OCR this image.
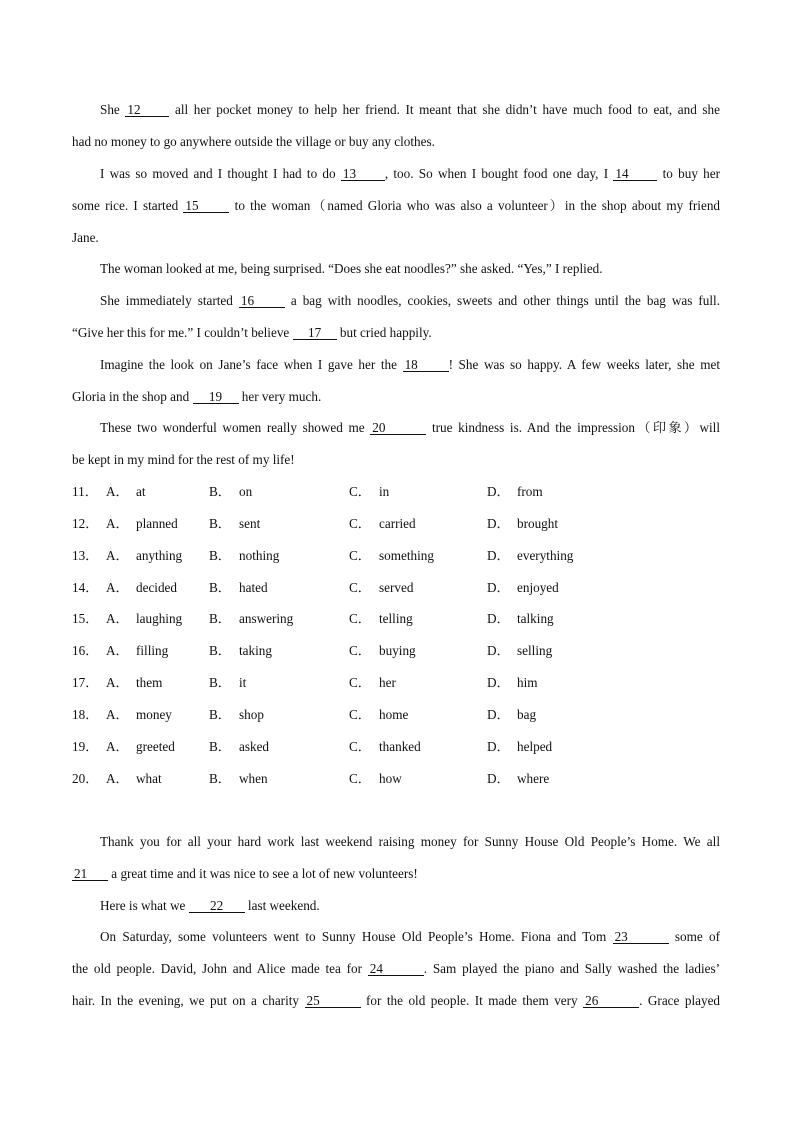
She 12	all her pocket money to help her friend. It meant that she didn’t have much food to eat, and she
had no money to go anywhere outside the village or buy any clothes.
I was so moved and I thought I had to do 13 , too. So when I bought food one day, I 14	to buy her
some rice. I started 15	to the woman（named Gloria who was also a volunteer）in the shop about my friend
Jane.
The woman looked at me, being surprised. “Does she eat noodles?” she asked. “Yes,” I replied.
She immediately started 16	a bag with noodles, cookies, sweets and other things until the bag was full.
“Give her this for me.” I couldn’t believe 17 but cried happily.
Imagine the look on Jane’s face when I gave her the 18 ! She was so happy. A few weeks later, she met
Gloria in the shop and 19 her very much.
These two wonderful women really showed me 20	true kindness is. And the impression（印象）will
be kept in my mind for the rest of my life!
11． A． at	B． on	C． in	D． from
12． A． planned B． sent	C． carried	D． brought
13． A． anything B． nothing	C． something	D． everything
14． A． decided B． hated	C． served	D． enjoyed
15． A． laughing B． answering	C． telling	D． talking
16． A． filling	B． taking	C． buying	D． selling
17． A． them	B． it	C． her	D． him
18． A． money	B． shop	C． home	D． bag
19． A． greeted	B． asked	C． thanked	D． helped
20． A． what	B． when	C． how	D． where
Thank you for all your hard work last weekend raising money for Sunny House Old People’s Home. We all
21 a great time and it was nice to see a lot of new volunteers!
Here is what we 22 last weekend.
On Saturday, some volunteers went to Sunny House Old People’s Home. Fiona and Tom 23	some of
the old people. David, John and Alice made tea for 24	. Sam played the piano and Sally washed the ladies’
hair. In the evening, we put on a charity 25	for the old people. It made them very 26	. Grace played
